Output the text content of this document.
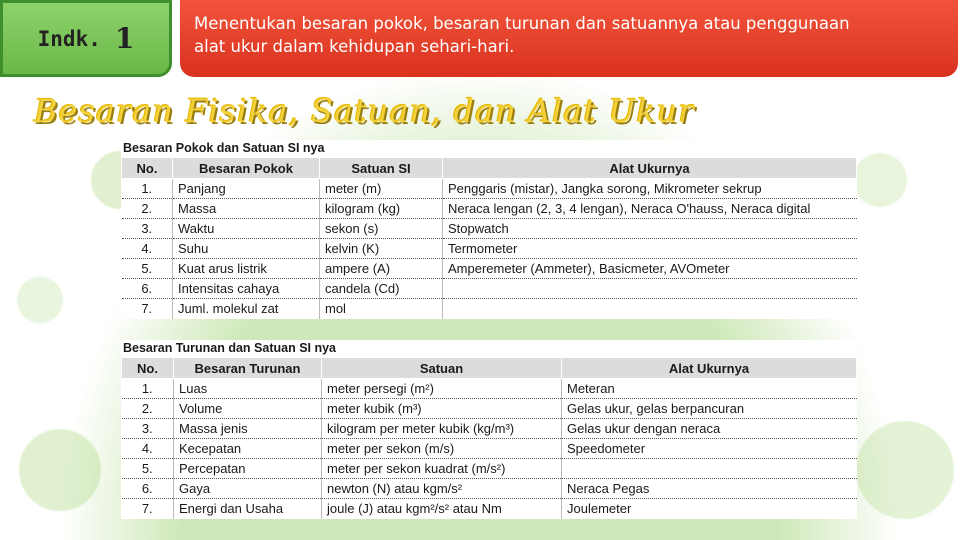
Indk. 1	Menentukan besaran pokok, besaran turunan dan satuannya atau penggunaan
alat ukur dalam kehidupan sehari-hari.
Besaran Fisika, Satuan, dan Alat Ukur
Besaran Pokok dan Satuan SI nya
No.	Besaran Pokok	Satuan SI	Alat Ukurnya
1.	Panjang	meter (m)	Penggaris (mistar), Jangka sorong, Mikrometer sekrup
2.	Massa	kilogram (kg)	Neraca lengan (2, 3, 4 lengan), Neraca O'hauss, Neraca digital
3.	Waktu	sekon (s)	Stopwatch
4.	Suhu	kelvin (K)	Termometer
5.	Kuat arus listrik	ampere (A)	Amperemeter (Ammeter), Basicmeter, AVOmeter
6.	Intensitas cahaya	candela (Cd)	
7.	Juml. molekul zat	mol	
Besaran Turunan dan Satuan SI nya
No.	Besaran Turunan	Satuan	Alat Ukurnya
1.	Luas	meter persegi (m²)	Meteran
2.	Volume	meter kubik (m³)	Gelas ukur, gelas berpancuran
3.	Massa jenis	kilogram per meter kubik (kg/m³)	Gelas ukur dengan neraca
4.	Kecepatan	meter per sekon (m/s)	Speedometer
5.	Percepatan	meter per sekon kuadrat (m/s²)	
6.	Gaya	newton (N) atau kgm/s²	Neraca Pegas
7.	Energi dan Usaha	joule (J) atau kgm²/s² atau Nm	Joulemeter
